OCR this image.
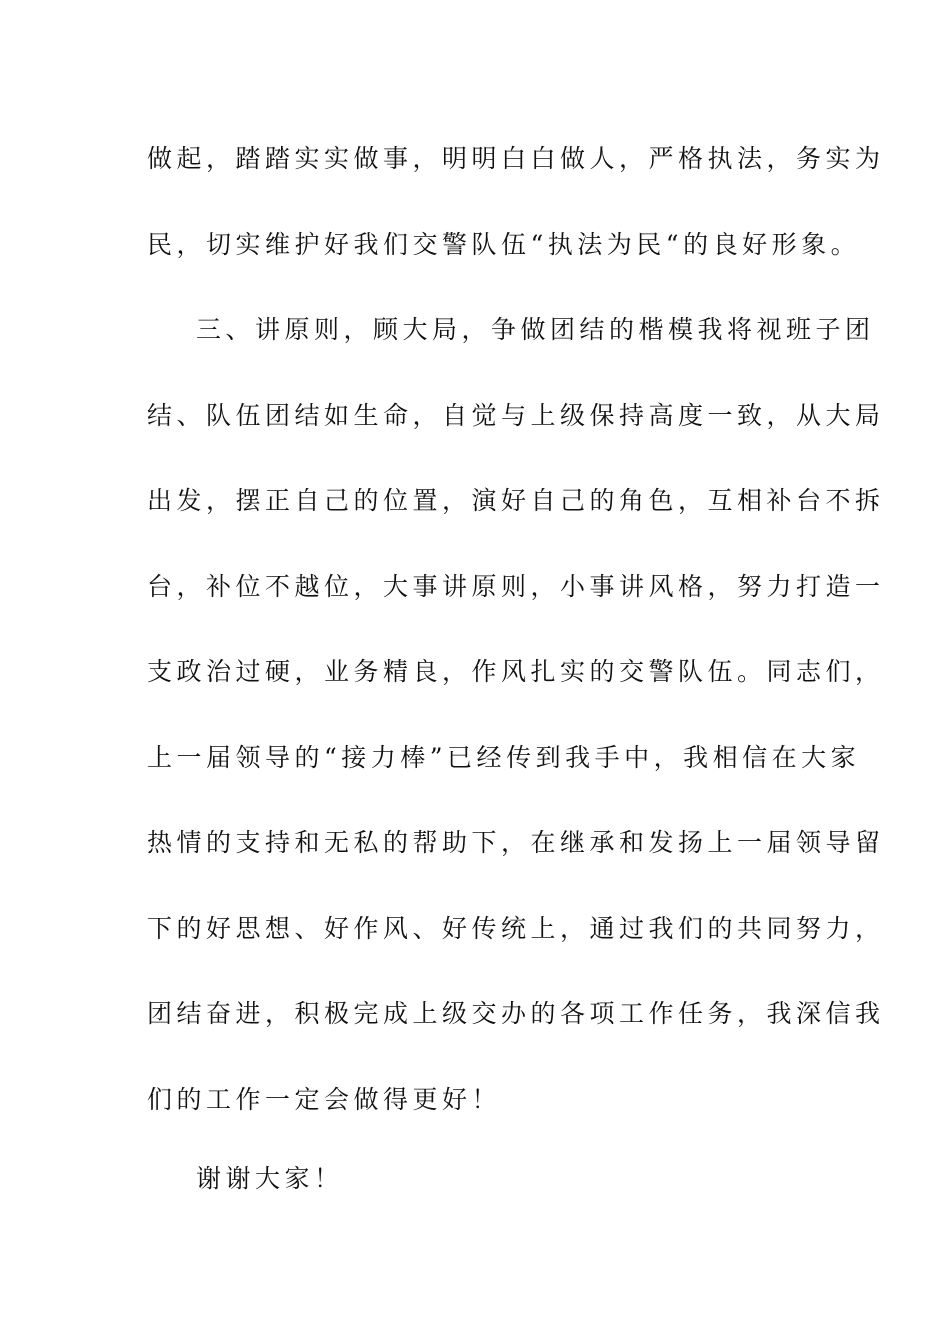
做起，踏踏实实做事，明明白白做人，严格执法，务实为
民，切实维护好我们交警队伍“执法为民“的良好形象。
三、讲原则，顾大局，争做团结的楷模我将视班子团
结、队伍团结如生命，自觉与上级保持高度一致，从大局
出发，摆正自己的位置，演好自己的角色，互相补台不拆
台，补位不越位，大事讲原则，小事讲风格，努力打造一
支政治过硬，业务精良，作风扎实的交警队伍。同志们，
上一届领导的“接力棒”已经传到我手中，我相信在大家
热情的支持和无私的帮助下，在继承和发扬上一届领导留
下的好思想、好作风、好传统上，通过我们的共同努力，
团结奋进，积极完成上级交办的各项工作任务，我深信我
们的工作一定会做得更好！
谢谢大家！
